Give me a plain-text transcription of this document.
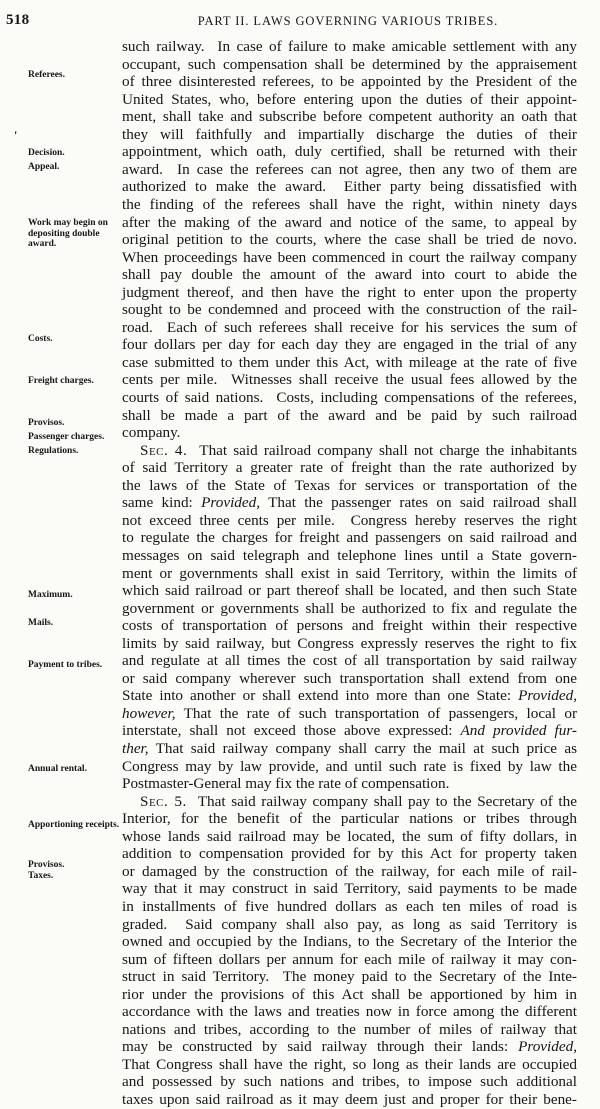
518	PART II. LAWS GOVERNING VARIOUS TRIBES.
Referees.
Decision.
Appeal.
Work may begin on depositing double award.
Costs.
Freight charges.
Provisos.
Passenger charges.
Regulations.
Maximum.
Mails.
Payment to tribes.
Annual rental.
Apportioning receipts.
Provisos.
Taxes.
such railway.  In case of failure to make amicable settlement with any
occupant, such compensation shall be determined by the appraisement
of three disinterested referees, to be appointed by the President of the
United States, who, before entering upon the duties of their appoint-
ment, shall take and subscribe before competent authority an oath that
they will faithfully and impartially discharge the duties of their
appointment, which oath, duly certified, shall be returned with their
award.  In case the referees can not agree, then any two of them are
authorized to make the award.  Either party being dissatisfied with
the finding of the referees shall have the right, within ninety days
after the making of the award and notice of the same, to appeal by
original petition to the courts, where the case shall be tried de novo.
When proceedings have been commenced in court the railway company
shall pay double the amount of the award into court to abide the
judgment thereof, and then have the right to enter upon the property
sought to be condemned and proceed with the construction of the rail-
road.  Each of such referees shall receive for his services the sum of
four dollars per day for each day they are engaged in the trial of any
case submitted to them under this Act, with mileage at the rate of five
cents per mile.  Witnesses shall receive the usual fees allowed by the
courts of said nations.  Costs, including compensations of the referees,
shall be made a part of the award and be paid by such railroad
company.
Sec. 4.  That said railroad company shall not charge the inhabitants
of said Territory a greater rate of freight than the rate authorized by
the laws of the State of Texas for services or transportation of the
same kind: Provided, That the passenger rates on said railroad shall
not exceed three cents per mile.  Congress hereby reserves the right
to regulate the charges for freight and passengers on said railroad and
messages on said telegraph and telephone lines until a State govern-
ment or governments shall exist in said Territory, within the limits of
which said railroad or part thereof shall be located, and then such State
government or governments shall be authorized to fix and regulate the
costs of transportation of persons and freight within their respective
limits by said railway, but Congress expressly reserves the right to fix
and regulate at all times the cost of all transportation by said railway
or said company wherever such transportation shall extend from one
State into another or shall extend into more than one State: Provided,
however, That the rate of such transportation of passengers, local or
interstate, shall not exceed those above expressed: And provided fur-
ther, That said railway company shall carry the mail at such price as
Congress may by law provide, and until such rate is fixed by law the
Postmaster-General may fix the rate of compensation.
Sec. 5.  That said railway company shall pay to the Secretary of the
Interior, for the benefit of the particular nations or tribes through
whose lands said railroad may be located, the sum of fifty dollars, in
addition to compensation provided for by this Act for property taken
or damaged by the construction of the railway, for each mile of rail-
way that it may construct in said Territory, said payments to be made
in installments of five hundred dollars as each ten miles of road is
graded.  Said company shall also pay, as long as said Territory is
owned and occupied by the Indians, to the Secretary of the Interior the
sum of fifteen dollars per annum for each mile of railway it may con-
struct in said Territory.  The money paid to the Secretary of the Inte-
rior under the provisions of this Act shall be apportioned by him in
accordance with the laws and treaties now in force among the different
nations and tribes, according to the number of miles of railway that
may be constructed by said railway through their lands: Provided,
That Congress shall have the right, so long as their lands are occupied
and possessed by such nations and tribes, to impose such additional
taxes upon said railroad as it may deem just and proper for their bene-
'
